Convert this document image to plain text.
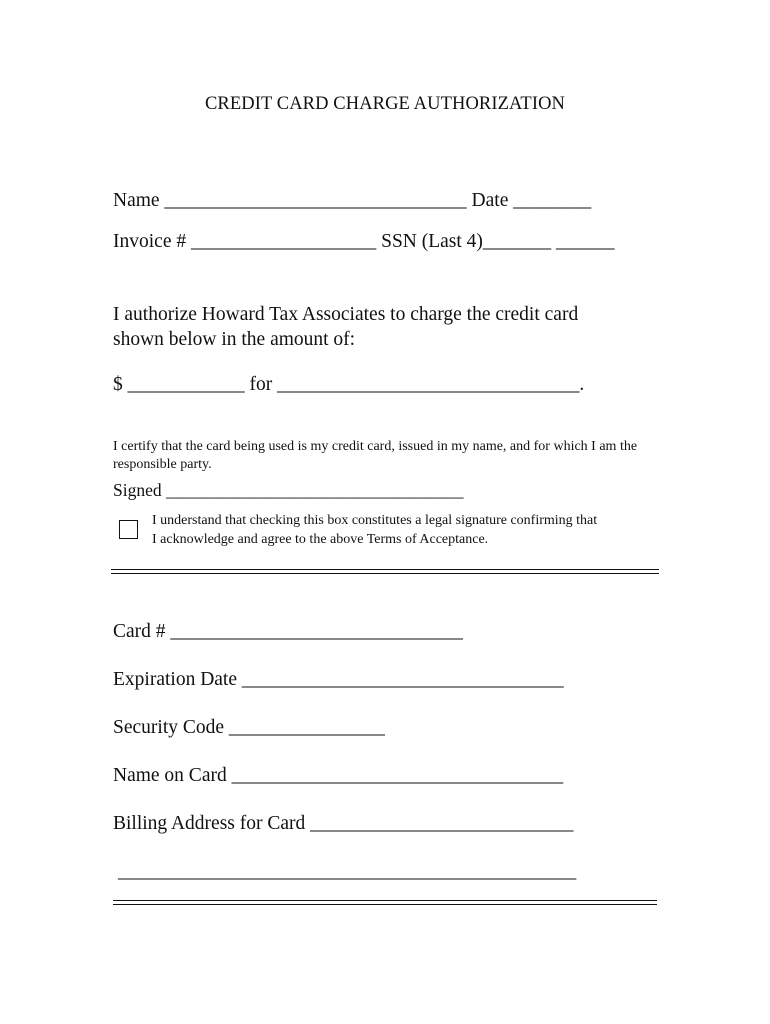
CREDIT CARD CHARGE AUTHORIZATION
Name _______________________________ Date ________
Invoice # ___________________ SSN (Last 4)_______ ______
I authorize Howard Tax Associates to charge the credit card shown below in the amount of:
$ ____________ for _______________________________.
I certify that the card being used is my credit card, issued in my name, and for which I am the responsible party.
Signed __________________________________
I understand that checking this box constitutes a legal signature confirming that
I acknowledge and agree to the above Terms of Acceptance.
Card # ______________________________
Expiration Date _________________________________
Security Code ________________
Name on Card __________________________________
Billing Address for Card ___________________________
_______________________________________________
